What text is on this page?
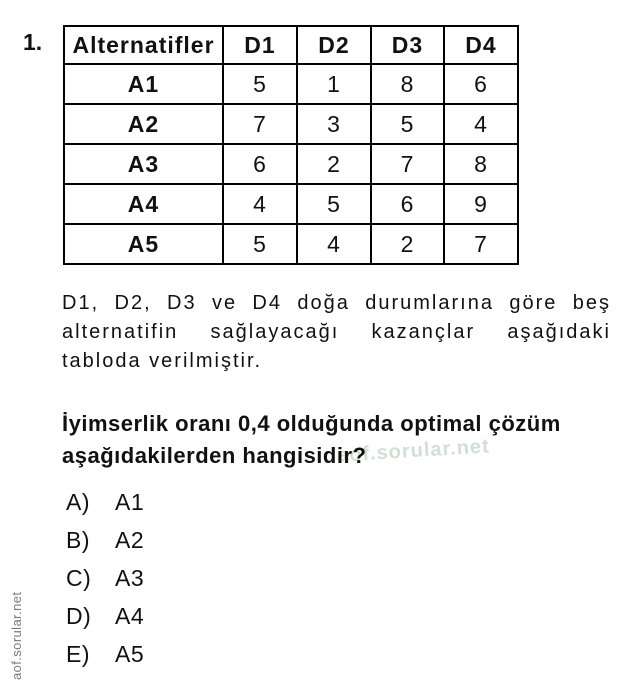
1. Alternatifler	D1	D2	D3	D4
A1	5	1	8	6
A2	7	3	5	4
A3	6	2	7	8
A4	4	5	6	9
A5	5	4	2	7
D1, D2, D3 ve D4 doğa durumlarına göre beş alternatifin sağlayacağı kazançlar aşağıdaki tabloda verilmiştir.
aof.sorular.net
İyimserlik oranı 0,4 olduğunda optimal çözüm aşağıdakilerden hangisidir?
A)	A1
B)	A2
C)	A3
D)	A4
E)	A5
aof.sorular.net
